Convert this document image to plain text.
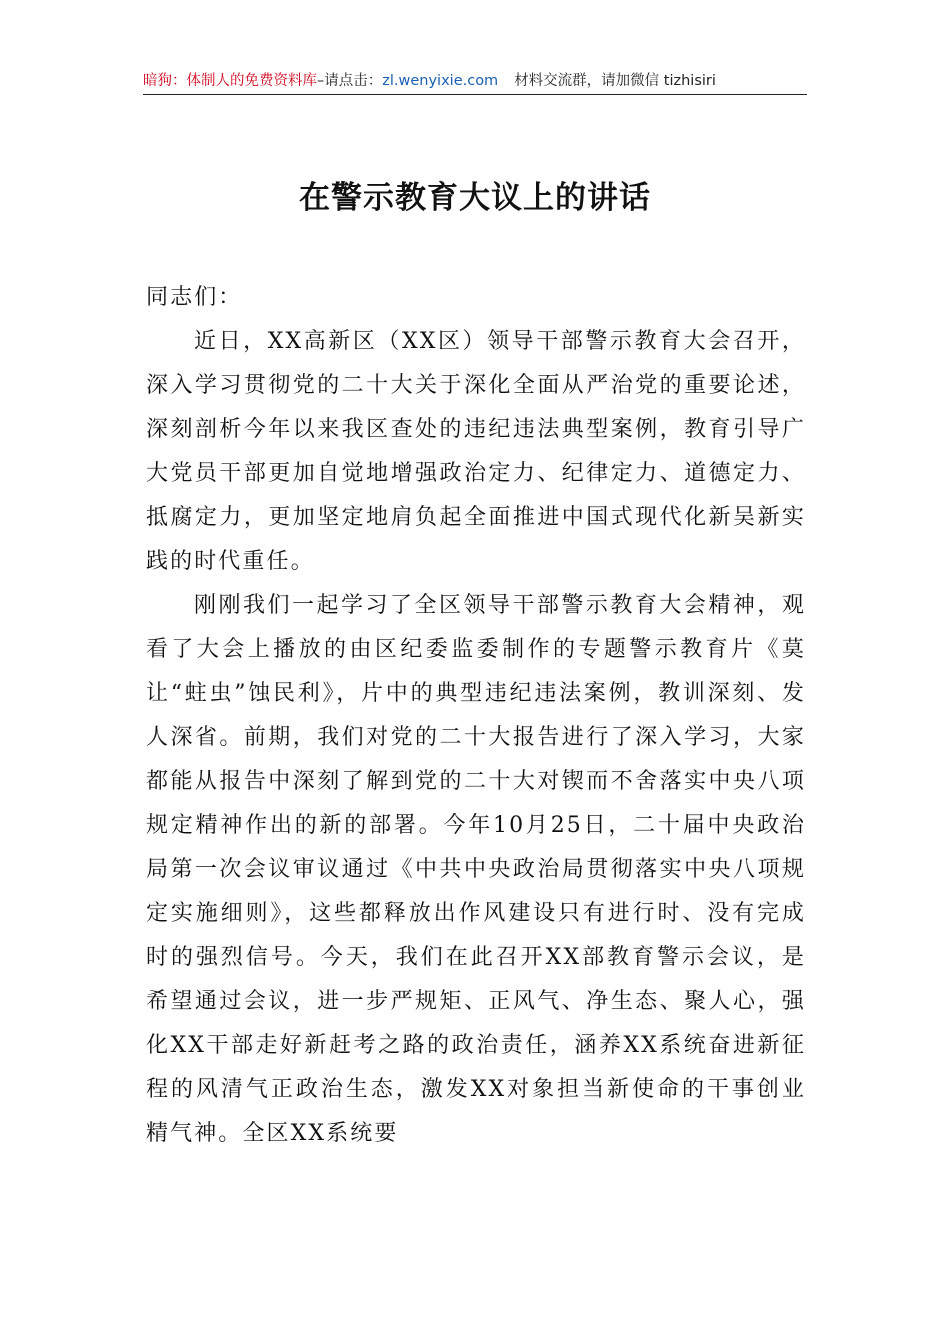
暗狗：体制人的免费资料库–请点击：zl.wenyixie.com 材料交流群，请加微信 tizhisiri
在警示教育大议上的讲话

同志们：

近日，XX高新区（XX区）领导干部警示教育大会召开，深入学习贯彻党的二十大关于深化全面从严治党的重要论述，深刻剖析今年以来我区查处的违纪违法典型案例，教育引导广大党员干部更加自觉地增强政治定力、纪律定力、道德定力、抵腐定力，更加坚定地肩负起全面推进中国式现代化新吴新实践的时代重任。

刚刚我们一起学习了全区领导干部警示教育大会精神，观看了大会上播放的由区纪委监委制作的专题警示教育片《莫让“蛀虫”蚀民利》，片中的典型违纪违法案例，教训深刻、发人深省。前期，我们对党的二十大报告进行了深入学习，大家都能从报告中深刻了解到党的二十大对锲而不舍落实中央八项规定精神作出的新的部署。今年10月25日，二十届中央政治局第一次会议审议通过《中共中央政治局贯彻落实中央八项规定实施细则》，这些都释放出作风建设只有进行时、没有完成时的强烈信号。今天，我们在此召开XX部教育警示会议，是希望通过会议，进一步严规矩、正风气、净生态、聚人心，强化XX干部走好新赶考之路的政治责任，涵养XX系统奋进新征程的风清气正政治生态，激发XX对象担当新使命的干事创业精气神。全区XX系统要
